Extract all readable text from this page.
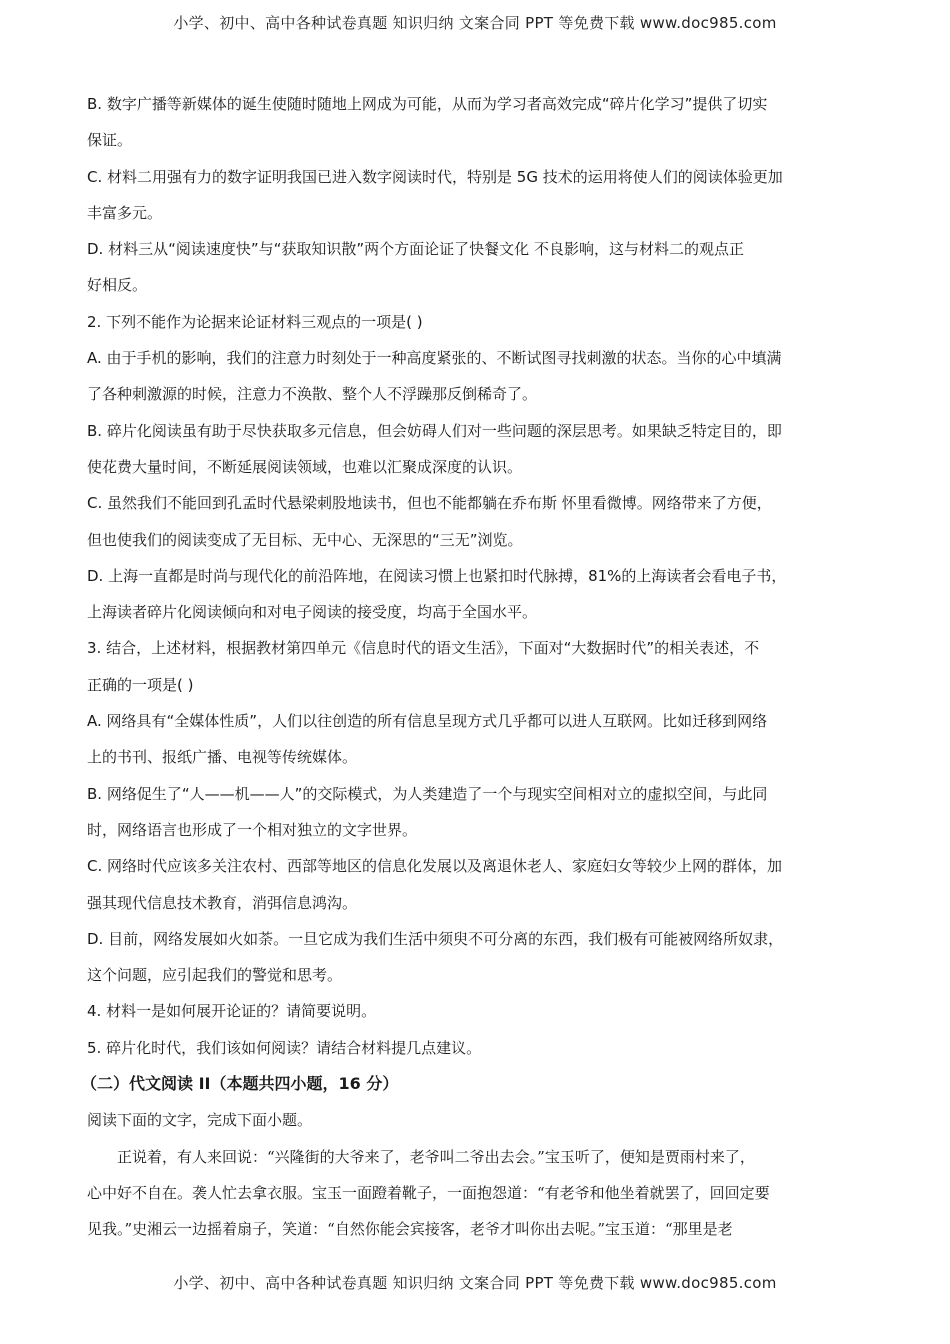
小学、初中、高中各种试卷真题 知识归纳 文案合同 PPT 等免费下载 www.doc985.com

B. 数字广播等新媒体的诞生使随时随地上网成为可能，从而为学习者高效完成“碎片化学习”提供了切实

保证。

C. 材料二用强有力的数字证明我国已进入数字阅读时代，特别是 5G 技术的运用将使人们的阅读体验更加

丰富多元。

D. 材料三从“阅读速度快”与“获取知识散”两个方面论证了快餐文化 不良影响，这与材料二的观点正

好相反。

2. 下列不能作为论据来论证材料三观点的一项是( )

A. 由于手机的影响，我们的注意力时刻处于一种高度紧张的、不断试图寻找刺激的状态。当你的心中填满

了各种刺激源的时候，注意力不涣散、整个人不浮躁那反倒稀奇了。

B. 碎片化阅读虽有助于尽快获取多元信息，但会妨碍人们对一些问题的深层思考。如果缺乏特定目的，即

使花费大量时间，不断延展阅读领域，也难以汇聚成深度的认识。

C. 虽然我们不能回到孔孟时代悬梁刺股地读书，但也不能都躺在乔布斯 怀里看微博。网络带来了方便，

但也使我们的阅读变成了无目标、无中心、无深思的“三无”浏览。

D. 上海一直都是时尚与现代化的前沿阵地，在阅读习惯上也紧扣时代脉搏，81%的上海读者会看电子书，

上海读者碎片化阅读倾向和对电子阅读的接受度，均高于全国水平。

3. 结合，上述材料，根据教材第四单元《信息时代的语文生活》，下面对“大数据时代”的相关表述，不

正确的一项是( )

A. 网络具有“全媒体性质”，人们以往创造的所有信息呈现方式几乎都可以进人互联网。比如迁移到网络

上的书刊、报纸广播、电视等传统媒体。

B. 网络促生了“人——机——人”的交际模式，为人类建造了一个与现实空间相对立的虚拟空间，与此同

时，网络语言也形成了一个相对独立的文字世界。

C. 网络时代应该多关注农村、西部等地区的信息化发展以及离退休老人、家庭妇女等较少上网的群体，加

强其现代信息技术教育，消弭信息鸿沟。

D. 目前，网络发展如火如荼。一旦它成为我们生活中须臾不可分离的东西，我们极有可能被网络所奴隶，

这个问题，应引起我们的警觉和思考。

4. 材料一是如何展开论证的？请简要说明。

5. 碎片化时代，我们该如何阅读？请结合材料提几点建议。

（二）代文阅读 II（本题共四小题，16 分）

阅读下面的文字，完成下面小题。

正说着，有人来回说：“兴隆街的大爷来了，老爷叫二爷出去会。”宝玉听了，便知是贾雨村来了，

心中好不自在。袭人忙去拿衣服。宝玉一面蹬着靴子，一面抱怨道：“有老爷和他坐着就罢了，回回定要

见我。”史湘云一边摇着扇子，笑道：“自然你能会宾接客，老爷才叫你出去呢。”宝玉道：“那里是老

小学、初中、高中各种试卷真题 知识归纳 文案合同 PPT 等免费下载 www.doc985.com
